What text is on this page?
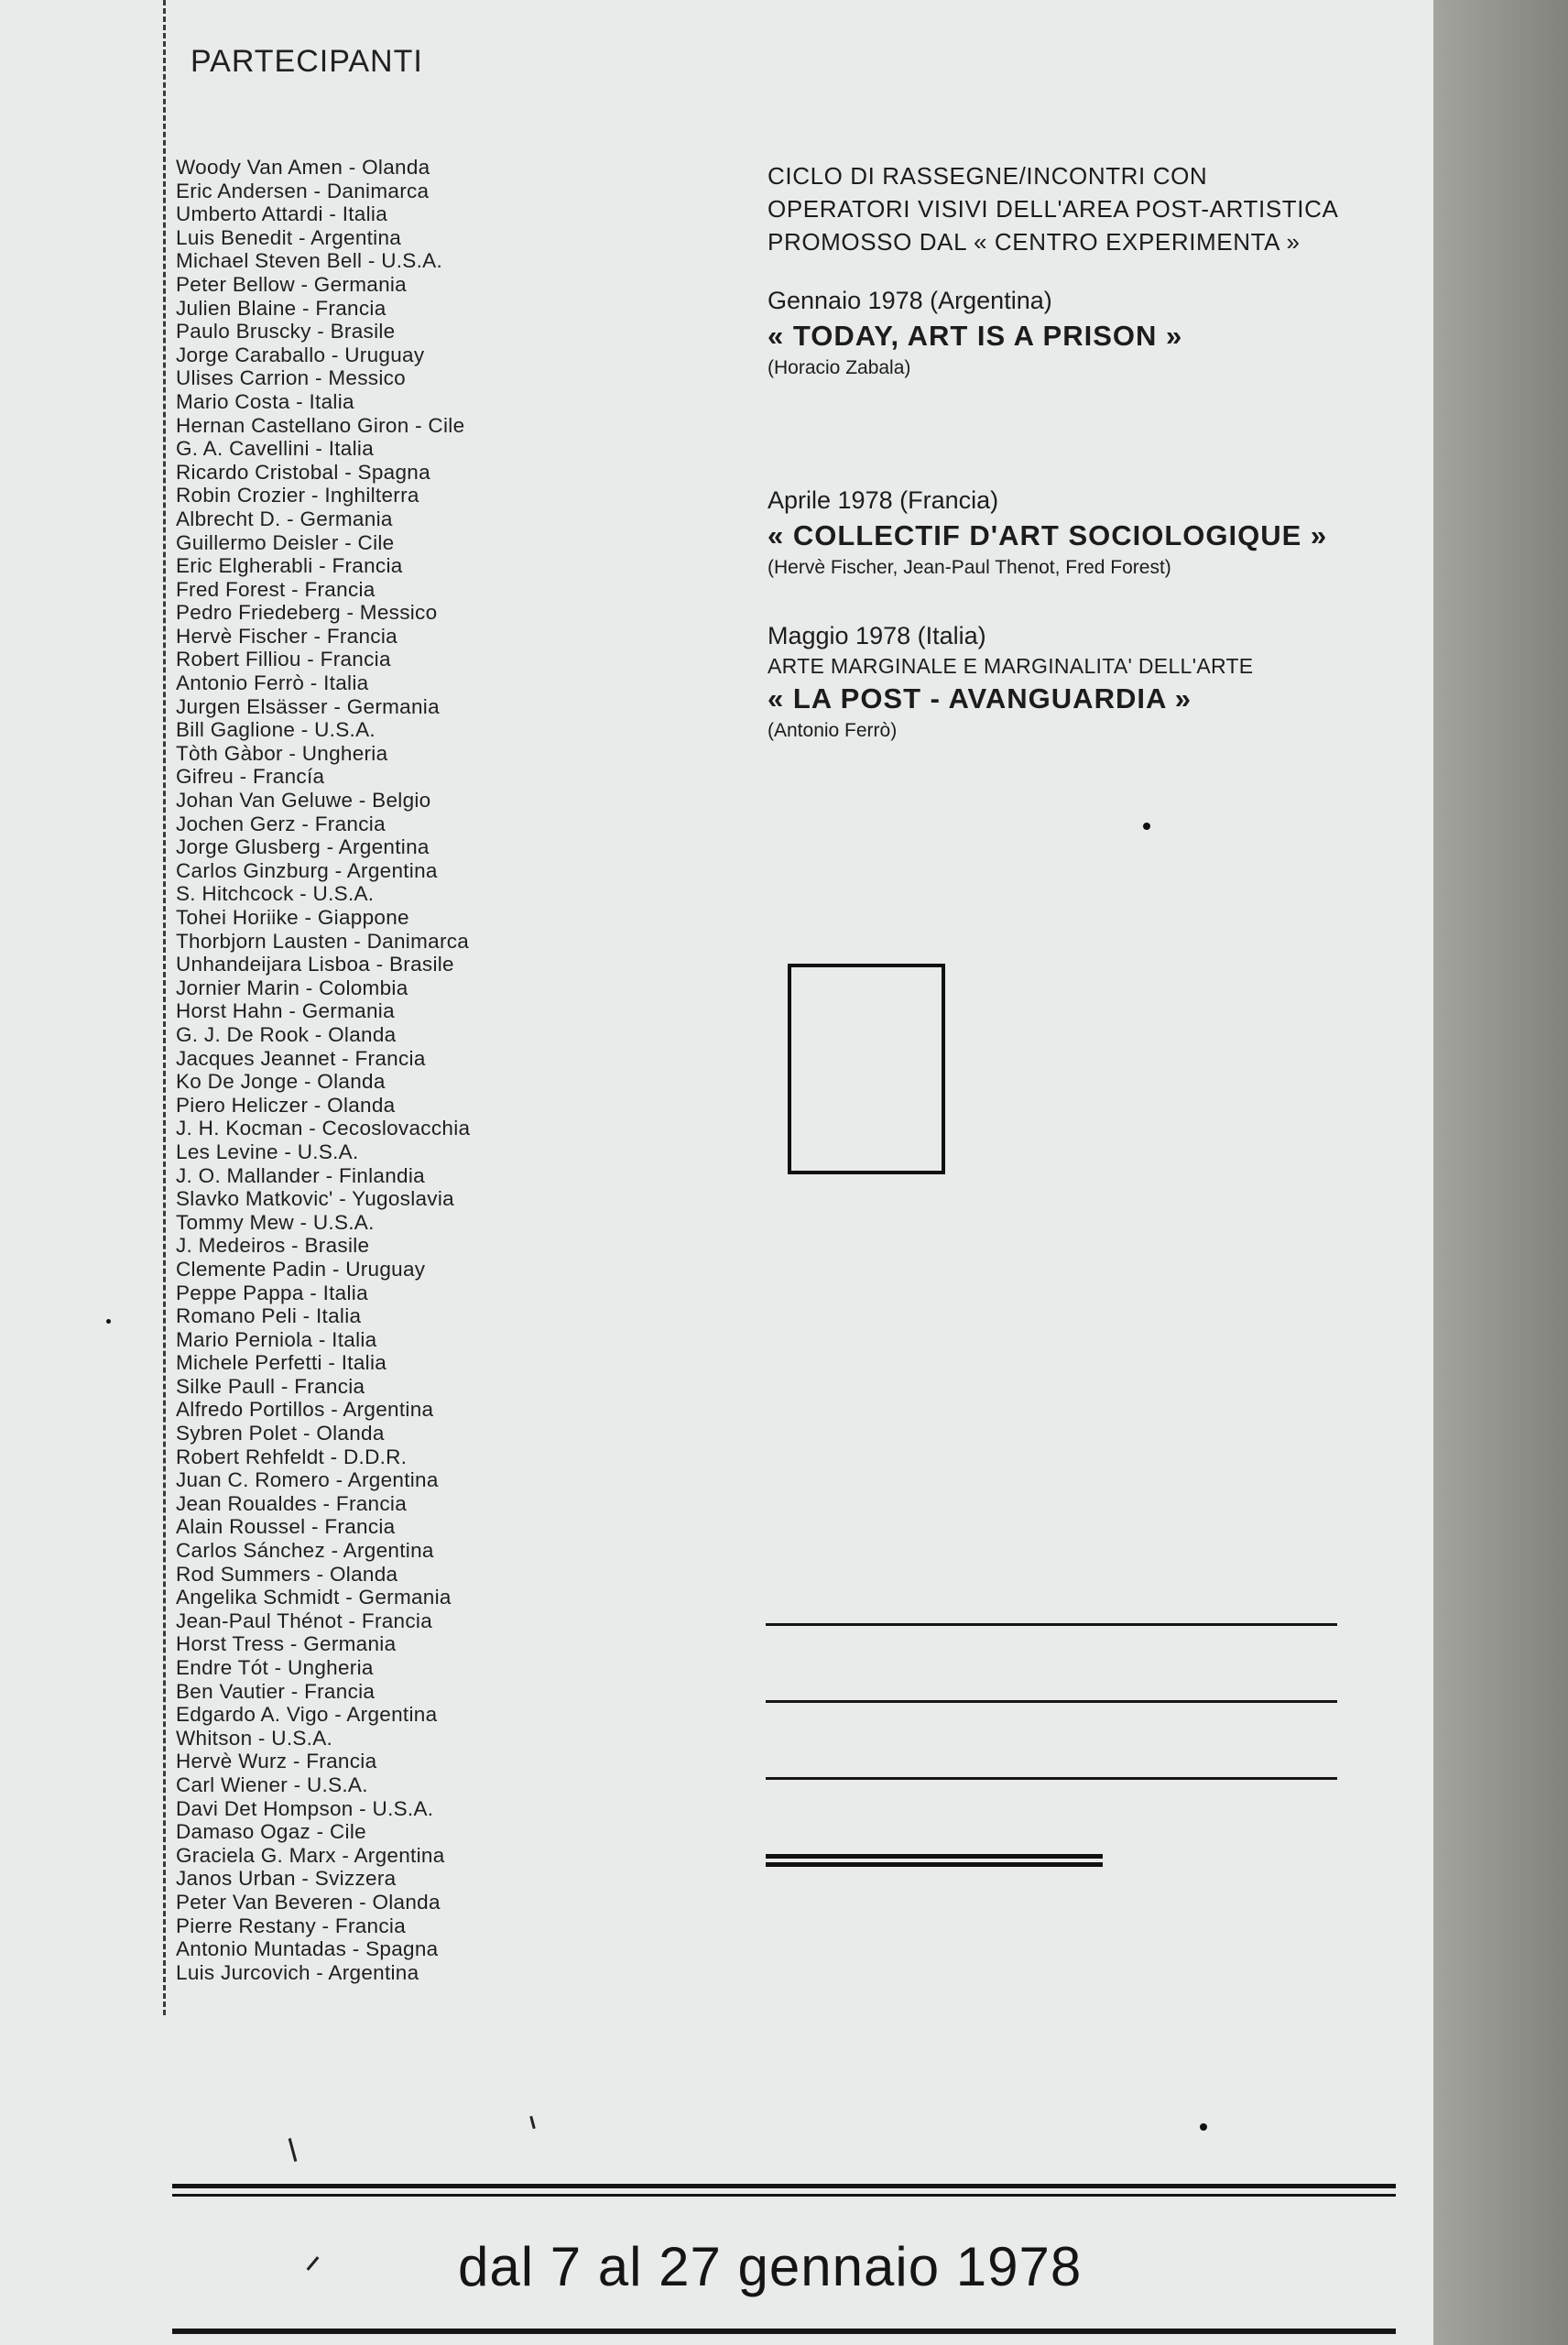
PARTECIPANTI
Woody Van Amen - Olanda
Eric Andersen - Danimarca
Umberto Attardi - Italia
Luis Benedit - Argentina
Michael Steven Bell - U.S.A.
Peter Bellow - Germania
Julien Blaine - Francia
Paulo Bruscky - Brasile
Jorge Caraballo - Uruguay
Ulises Carrion - Messico
Mario Costa - Italia
Hernan Castellano Giron - Cile
G. A. Cavellini - Italia
Ricardo Cristobal - Spagna
Robin Crozier - Inghilterra
Albrecht D. - Germania
Guillermo Deisler - Cile
Eric Elgherabli - Francia
Fred Forest - Francia
Pedro Friedeberg - Messico
Hervè Fischer - Francia
Robert Filliou - Francia
Antonio Ferrò - Italia
Jurgen Elsässer - Germania
Bill Gaglione - U.S.A.
Tòth Gàbor - Ungheria
Gifreu - Francía
Johan Van Geluwe - Belgio
Jochen Gerz - Francia
Jorge Glusberg - Argentina
Carlos Ginzburg - Argentina
S. Hitchcock - U.S.A.
Tohei Horiike - Giappone
Thorbjorn Lausten - Danimarca
Unhandeijara Lisboa - Brasile
Jornier Marin - Colombia
Horst Hahn - Germania
G. J. De Rook - Olanda
Jacques Jeannet - Francia
Ko De Jonge - Olanda
Piero Heliczer - Olanda
J. H. Kocman - Cecoslovacchia
Les Levine - U.S.A.
J. O. Mallander - Finlandia
Slavko Matkovic' - Yugoslavia
Tommy Mew - U.S.A.
J. Medeiros - Brasile
Clemente Padin - Uruguay
Peppe Pappa - Italia
Romano Peli - Italia
Mario Perniola - Italia
Michele Perfetti - Italia
Silke Paull - Francia
Alfredo Portillos - Argentina
Sybren Polet - Olanda
Robert Rehfeldt - D.D.R.
Juan C. Romero - Argentina
Jean Roualdes - Francia
Alain Roussel - Francia
Carlos Sánchez - Argentina
Rod Summers - Olanda
Angelika Schmidt - Germania
Jean-Paul Thénot - Francia
Horst Tress - Germania
Endre Tót - Ungheria
Ben Vautier - Francia
Edgardo A. Vigo - Argentina
Whitson - U.S.A.
Hervè Wurz - Francia
Carl Wiener - U.S.A.
Davi Det Hompson - U.S.A.
Damaso Ogaz - Cile
Graciela G. Marx - Argentina
Janos Urban - Svizzera
Peter Van Beveren - Olanda
Pierre Restany - Francia
Antonio Muntadas - Spagna
Luis Jurcovich - Argentina
CICLO DI RASSEGNE/INCONTRI CON
OPERATORI VISIVI DELL'AREA POST-ARTISTICA
PROMOSSO DAL « CENTRO EXPERIMENTA »
Gennaio 1978 (Argentina)
« TODAY, ART IS A PRISON »
(Horacio Zabala)
Aprile 1978 (Francia)
« COLLECTIF D'ART SOCIOLOGIQUE »
(Hervè Fischer, Jean-Paul Thenot, Fred Forest)
Maggio 1978 (Italia)
ARTE MARGINALE E MARGINALITA' DELL'ARTE
« LA POST - AVANGUARDIA »
(Antonio Ferrò)
dal 7 al 27 gennaio 1978
